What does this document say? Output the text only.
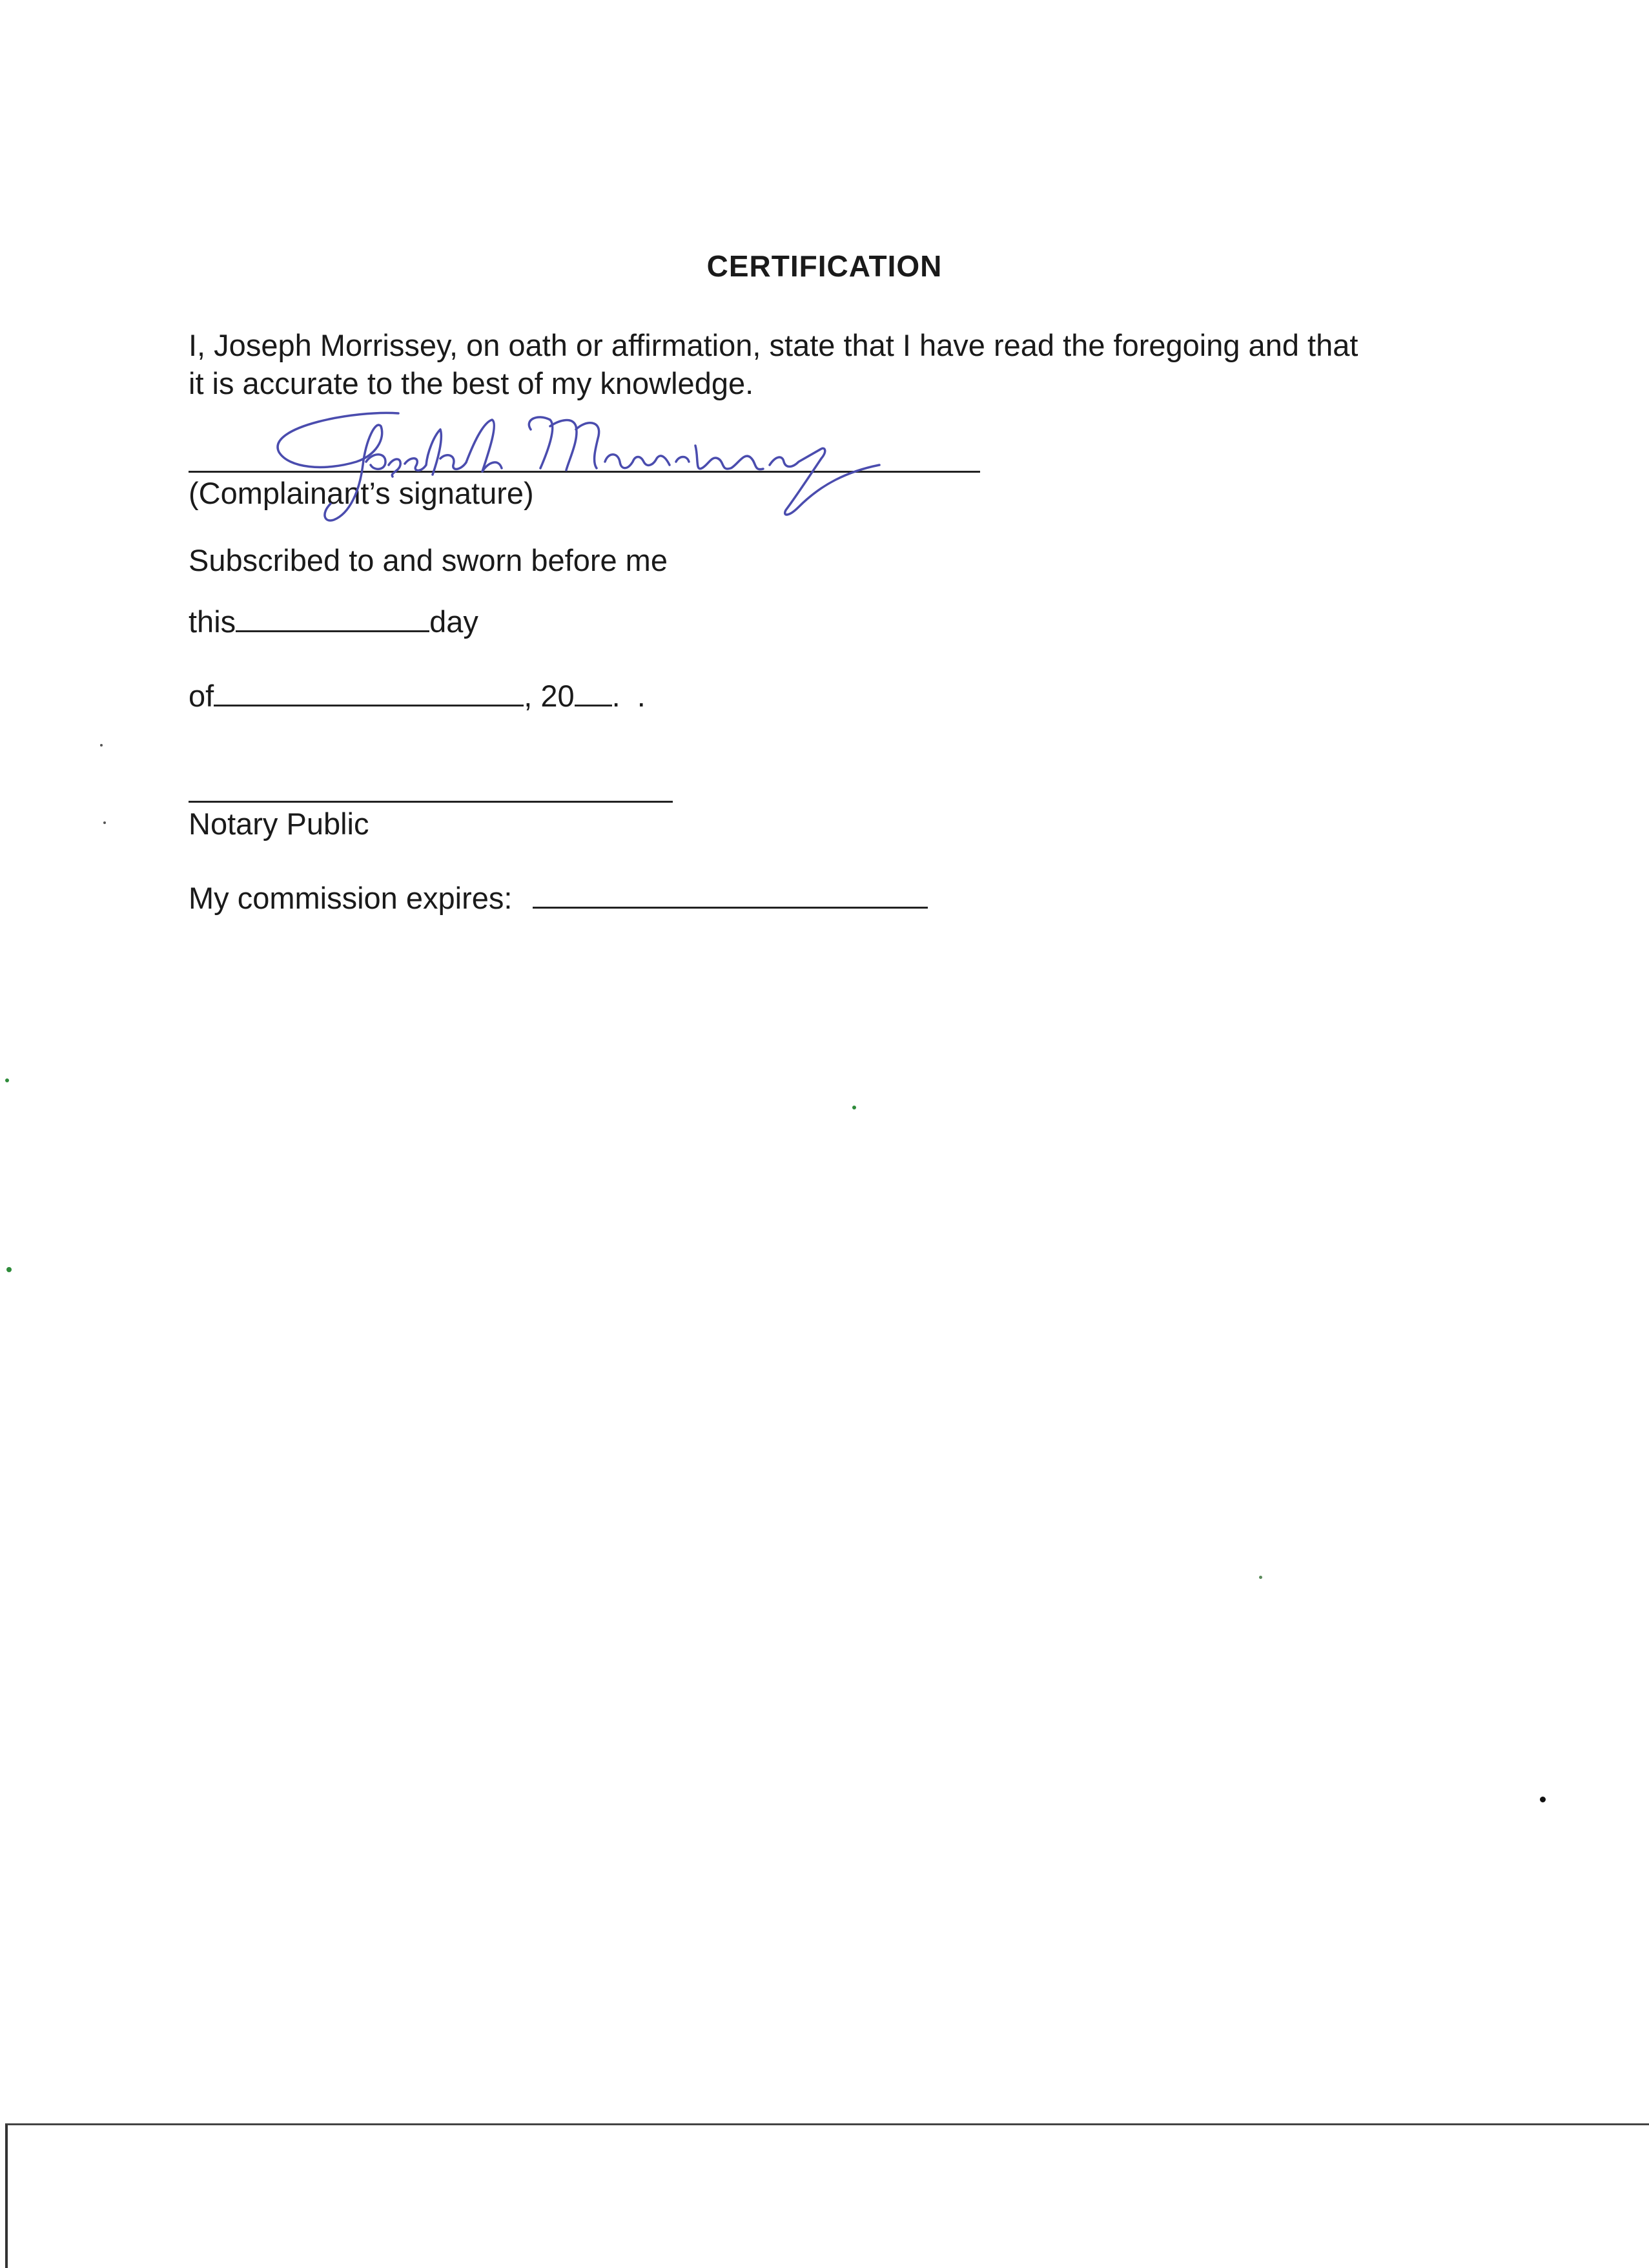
CERTIFICATION

I, Joseph Morrissey, on oath or affirmation, state that I have read the foregoing and that
it is accurate to the best of my knowledge.

(Complainant’s signature)
Subscribed to and sworn before me
this	day
of	, 20 .  .
Notary Public
My commission expires:
